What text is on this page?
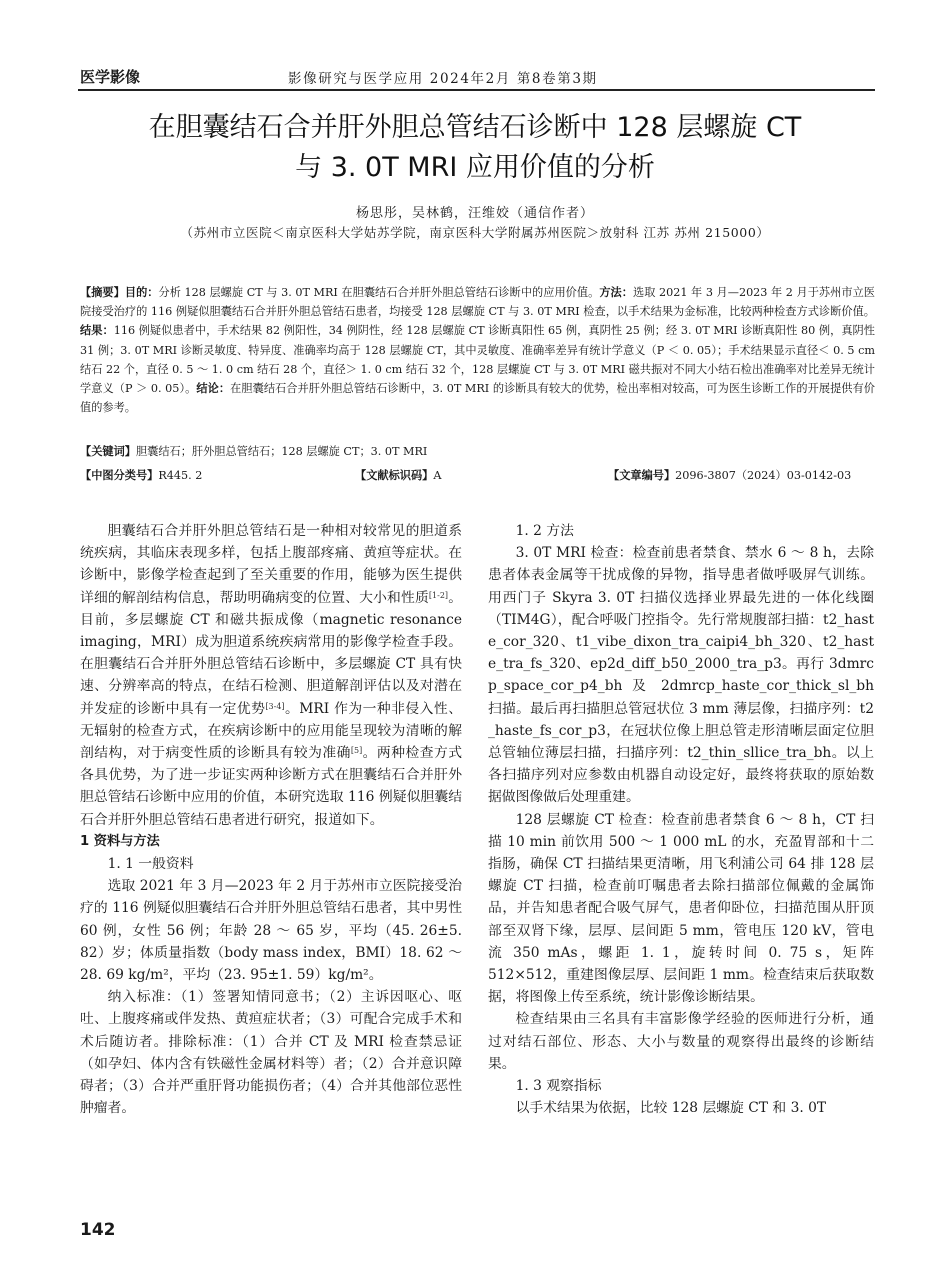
医学影像	影像研究与医学应用 2024年2月 第8卷第3期
在胆囊结石合并肝外胆总管结石诊断中 128 层螺旋 CT
与 3. 0T MRI 应用价值的分析
杨思彤，吴林鹤，汪维姣（通信作者）
（苏州市立医院＜南京医科大学姑苏学院，南京医科大学附属苏州医院＞放射科 江苏 苏州 215000）
【摘要】目的：分析 128 层螺旋 CT 与 3. 0T MRI 在胆囊结石合并肝外胆总管结石诊断中的应用价值。方法：选取 2021 年 3 月—2023 年 2 月于苏州市立医院接受治疗的 116 例疑似胆囊结石合并肝外胆总管结石患者，均接受 128 层螺旋 CT 与 3. 0T MRI 检查，以手术结果为金标准，比较两种检查方式诊断价值。结果：116 例疑似患者中，手术结果 82 例阳性，34 例阴性，经 128 层螺旋 CT 诊断真阳性 65 例，真阴性 25 例；经 3. 0T MRI 诊断真阳性 80 例，真阴性 31 例；3. 0T MRI 诊断灵敏度、特异度、准确率均高于 128 层螺旋 CT，其中灵敏度、准确率差异有统计学意义（P ＜ 0. 05）；手术结果显示直径＜ 0. 5 cm 结石 22 个，直径 0. 5 ～ 1. 0 cm 结石 28 个，直径＞ 1. 0 cm 结石 32 个，128 层螺旋 CT 与 3. 0T MRI 磁共振对不同大小结石检出准确率对比差异无统计学意义（P ＞ 0. 05）。结论：在胆囊结石合并肝外胆总管结石诊断中，3. 0T MRI 的诊断具有较大的优势，检出率相对较高，可为医生诊断工作的开展提供有价值的参考。
【关键词】胆囊结石；肝外胆总管结石；128 层螺旋 CT；3. 0T MRI
【中图分类号】R445. 2	【文献标识码】A	【文章编号】2096-3807（2024）03-0142-03

胆囊结石合并肝外胆总管结石是一种相对较常见的胆道系统疾病，其临床表现多样，包括上腹部疼痛、黄疸等症状。在诊断中，影像学检查起到了至关重要的作用，能够为医生提供详细的解剖结构信息，帮助明确病变的位置、大小和性质[1-2]。目前，多层螺旋 CT 和磁共振成像（magnetic resonance imaging，MRI）成为胆道系统疾病常用的影像学检查手段。在胆囊结石合并肝外胆总管结石诊断中，多层螺旋 CT 具有快速、分辨率高的特点，在结石检测、胆道解剖评估以及对潜在并发症的诊断中具有一定优势[3-4]。MRI 作为一种非侵入性、无辐射的检查方式，在疾病诊断中的应用能呈现较为清晰的解剖结构，对于病变性质的诊断具有较为准确[5]。两种检查方式各具优势，为了进一步证实两种诊断方式在胆囊结石合并肝外胆总管结石诊断中应用的价值，本研究选取 116 例疑似胆囊结石合并肝外胆总管结石患者进行研究，报道如下。

1 资料与方法

1. 1 一般资料

选取 2021 年 3 月—2023 年 2 月于苏州市立医院接受治疗的 116 例疑似胆囊结石合并肝外胆总管结石患者，其中男性 60 例，女性 56 例；年龄 28 ～ 65 岁，平均（45. 26±5. 82）岁；体质量指数（body mass index，BMI）18. 62 ～ 28. 69 kg/m²，平均（23. 95±1. 59）kg/m²。

纳入标准：（1）签署知情同意书；（2）主诉因呕心、呕吐、上腹疼痛或伴发热、黄疸症状者；（3）可配合完成手术和术后随访者。排除标准：（1）合并 CT 及 MRI 检查禁忌证（如孕妇、体内含有铁磁性金属材料等）者；（2）合并意识障碍者；（3）合并严重肝肾功能损伤者；（4）合并其他部位恶性肿瘤者。

1. 2 方法

3. 0T MRI 检查：检查前患者禁食、禁水 6 ～ 8 h，去除患者体表金属等干扰成像的异物，指导患者做呼吸屏气训练。用西门子 Skyra 3. 0T 扫描仪选择业界最先进的一体化线圈（TIM4G），配合呼吸门控指令。先行常规腹部扫描：t2_haste_cor_320、t1_vibe_dixon_tra_caipi4_bh_320、t2_haste_tra_fs_320、ep2d_diff_b50_2000_tra_p3。再行 3dmrcp_space_cor_p4_bh 及 2dmrcp_haste_cor_thick_sl_bh 扫描。最后再扫描胆总管冠状位 3 mm 薄层像，扫描序列：t2_haste_fs_cor_p3，在冠状位像上胆总管走形清晰层面定位胆总管轴位薄层扫描，扫描序列：t2_thin_sllice_tra_bh。以上各扫描序列对应参数由机器自动设定好，最终将获取的原始数据做图像做后处理重建。

128 层螺旋 CT 检查：检查前患者禁食 6 ～ 8 h，CT 扫描 10 min 前饮用 500 ～ 1 000 mL 的水，充盈胃部和十二指肠，确保 CT 扫描结果更清晰，用飞利浦公司 64 排 128 层螺旋 CT 扫描，检查前叮嘱患者去除扫描部位佩戴的金属饰品，并告知患者配合吸气屏气，患者仰卧位，扫描范围从肝顶部至双肾下缘，层厚、层间距 5 mm，管电压 120 kV，管电流 350 mAs，螺距 1. 1，旋转时间 0. 75 s，矩阵 512×512，重建图像层厚、层间距 1 mm。检查结束后获取数据，将图像上传至系统，统计影像诊断结果。

检查结果由三名具有丰富影像学经验的医师进行分析，通过对结石部位、形态、大小与数量的观察得出最终的诊断结果。

1. 3 观察指标

以手术结果为依据，比较 128 层螺旋 CT 和 3. 0T

142
